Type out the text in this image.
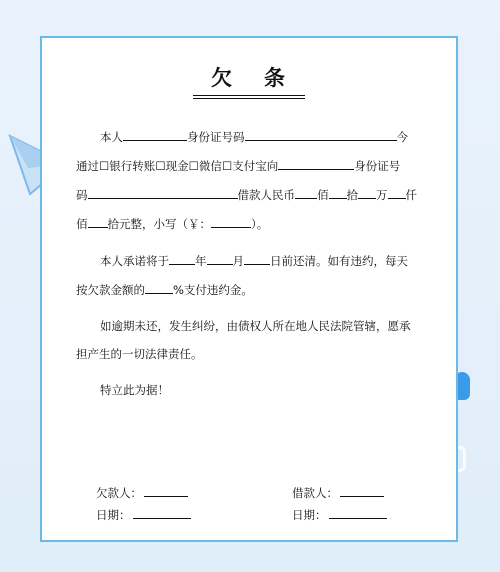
欠 条
本人	身份证号码	今
通过☐银行转账☐现金☐微信☐支付宝向	身份证号
码	借款人民币 佰 拾 万 仟
佰 拾元整，小写（￥：	）。
本人承诺将于 年 月 日前还清。如有违约，每天
按欠款金额的 %支付违约金。
如逾期未还，发生纠纷，由债权人所在地人民法院管辖，愿承
担产生的一切法律责任。
特立此为据！
欠款人：	借款人：
日期：	日期：
